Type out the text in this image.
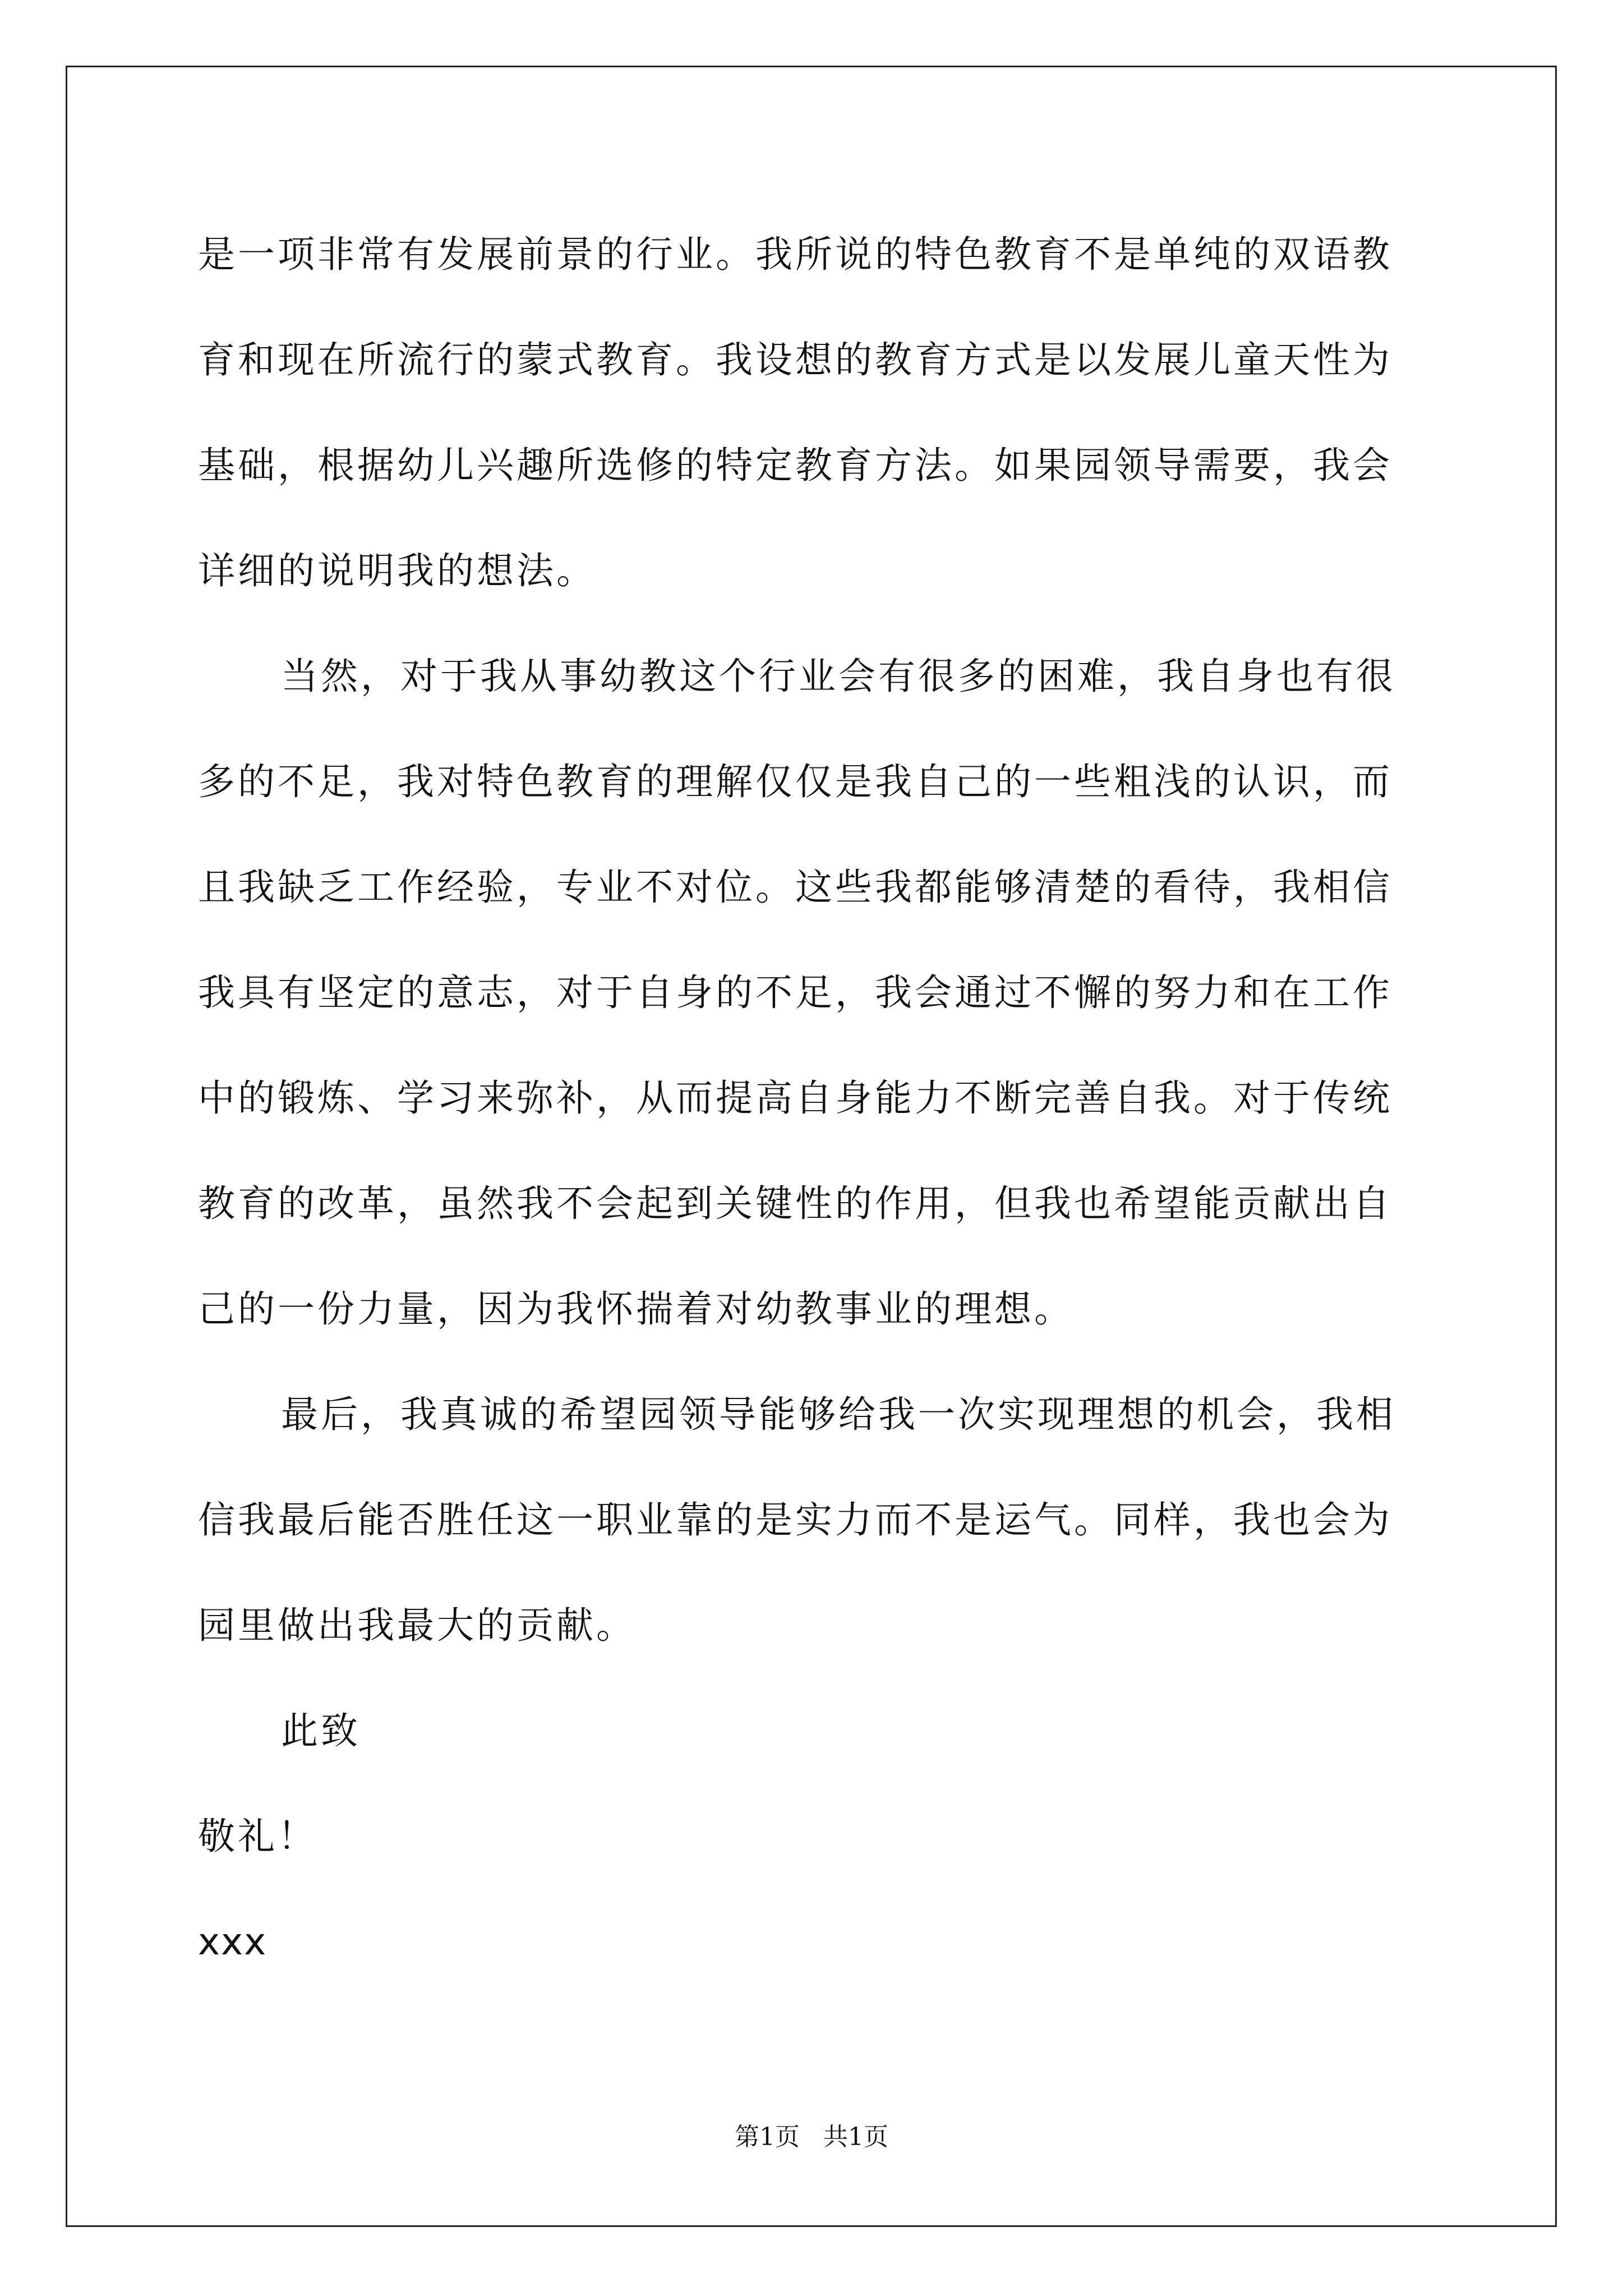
是一项非常有发展前景的行业。我所说的特色教育不是单纯的双语教
育和现在所流行的蒙式教育。我设想的教育方式是以发展儿童天性为
基础，根据幼儿兴趣所选修的特定教育方法。如果园领导需要，我会
详细的说明我的想法。
当然，对于我从事幼教这个行业会有很多的困难，我自身也有很
多的不足，我对特色教育的理解仅仅是我自己的一些粗浅的认识，而
且我缺乏工作经验，专业不对位。这些我都能够清楚的看待，我相信
我具有坚定的意志，对于自身的不足，我会通过不懈的努力和在工作
中的锻炼、学习来弥补，从而提高自身能力不断完善自我。对于传统
教育的改革，虽然我不会起到关键性的作用，但我也希望能贡献出自
己的一份力量，因为我怀揣着对幼教事业的理想。
最后，我真诚的希望园领导能够给我一次实现理想的机会，我相
信我最后能否胜任这一职业靠的是实力而不是运气。同样，我也会为
园里做出我最大的贡献。
此致
敬礼！
xxx
第1页   共1页
